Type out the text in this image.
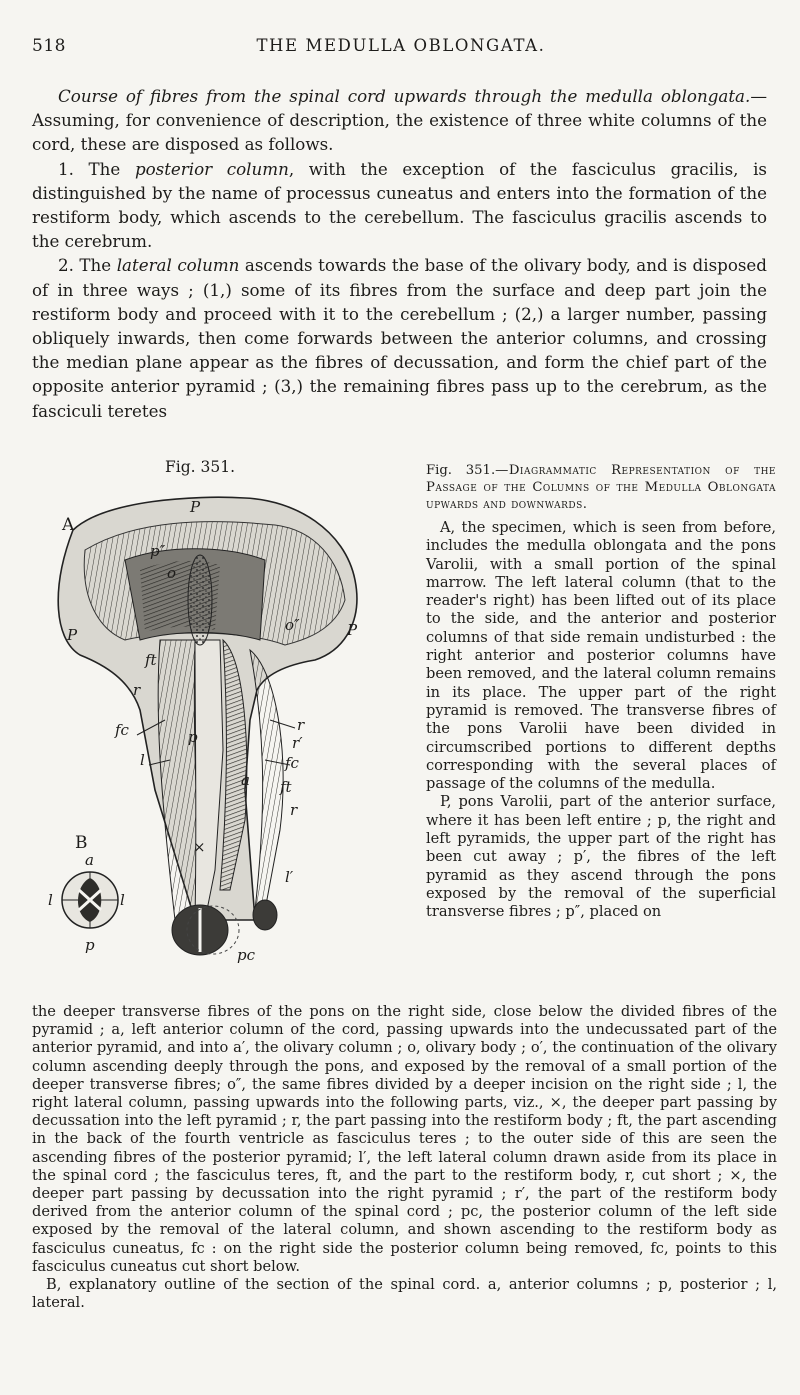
518	THE MEDULLA OBLONGATA.

Course of fibres from the spinal cord upwards through the medulla oblongata.—Assuming, for convenience of description, the existence of three white columns of the cord, these are disposed as follows.

1. The posterior column, with the exception of the fasciculus gracilis, is distinguished by the name of processus cuneatus and enters into the formation of the restiform body, which ascends to the cerebellum. The fasciculus gracilis ascends to the cerebrum.

2. The lateral column ascends towards the base of the olivary body, and is disposed of in three ways ; (1,) some of its fibres from the surface and deep part join the restiform body and proceed with it to the cerebellum ; (2,) a larger number, passing obliquely inwards, then come forwards between the anterior columns, and crossing the median plane appear as the fibres of decussation, and form the chief part of the opposite anterior pyramid ; (3,) the remaining fibres pass up to the cerebrum, as the fasciculi teretes

Fig. 351.
A
P
P	P
p″
o
o″
ft
r
fc
l
p
a
pc
r
r′
fc
ft
r
l′
×
a
l	l
p
B

Fig. 351.—Diagrammatic Representation of the Passage of the Columns of the Medulla Oblongata upwards and downwards.

A, the specimen, which is seen from before, includes the medulla oblongata and the pons Varolii, with a small portion of the spinal marrow. The left lateral column (that to the reader's right) has been lifted out of its place to the side, and the anterior and posterior columns of that side remain undisturbed : the right anterior and posterior columns have been removed, and the lateral column remains in its place. The upper part of the right pyramid is removed. The transverse fibres of the pons Varolii have been divided in circumscribed portions to different depths corresponding with the several places of passage of the columns of the medulla.

P, pons Varolii, part of the anterior surface, where it has been left entire ; p, the right and left pyramids, the upper part of the right has been cut away ; p′, the fibres of the left pyramid as they ascend through the pons exposed by the removal of the superficial transverse fibres ; p″, placed on

the deeper transverse fibres of the pons on the right side, close below the divided fibres of the pyramid ; a, left anterior column of the cord, passing upwards into the undecussated part of the anterior pyramid, and into a′, the olivary column ; o, olivary body ; o′, the continuation of the olivary column ascending deeply through the pons, and exposed by the removal of a small portion of the deeper transverse fibres; o″, the same fibres divided by a deeper incision on the right side ; l, the right lateral column, passing upwards into the following parts, viz., ×, the deeper part passing by decussation into the left pyramid ; r, the part passing into the restiform body ; ft, the part ascending in the back of the fourth ventricle as fasciculus teres ; to the outer side of this are seen the ascending fibres of the posterior pyramid; l′, the left lateral column drawn aside from its place in the spinal cord ; the fasciculus teres, ft, and the part to the restiform body, r, cut short ; ×, the deeper part passing by decussation into the right pyramid ; r′, the part of the restiform body derived from the anterior column of the spinal cord ; pc, the posterior column of the left side exposed by the removal of the lateral column, and shown ascending to the restiform body as fasciculus cuneatus, fc : on the right side the posterior column being removed, fc, points to this fasciculus cuneatus cut short below.

B, explanatory outline of the section of the spinal cord. a, anterior columns ; p, posterior ; l, lateral.
